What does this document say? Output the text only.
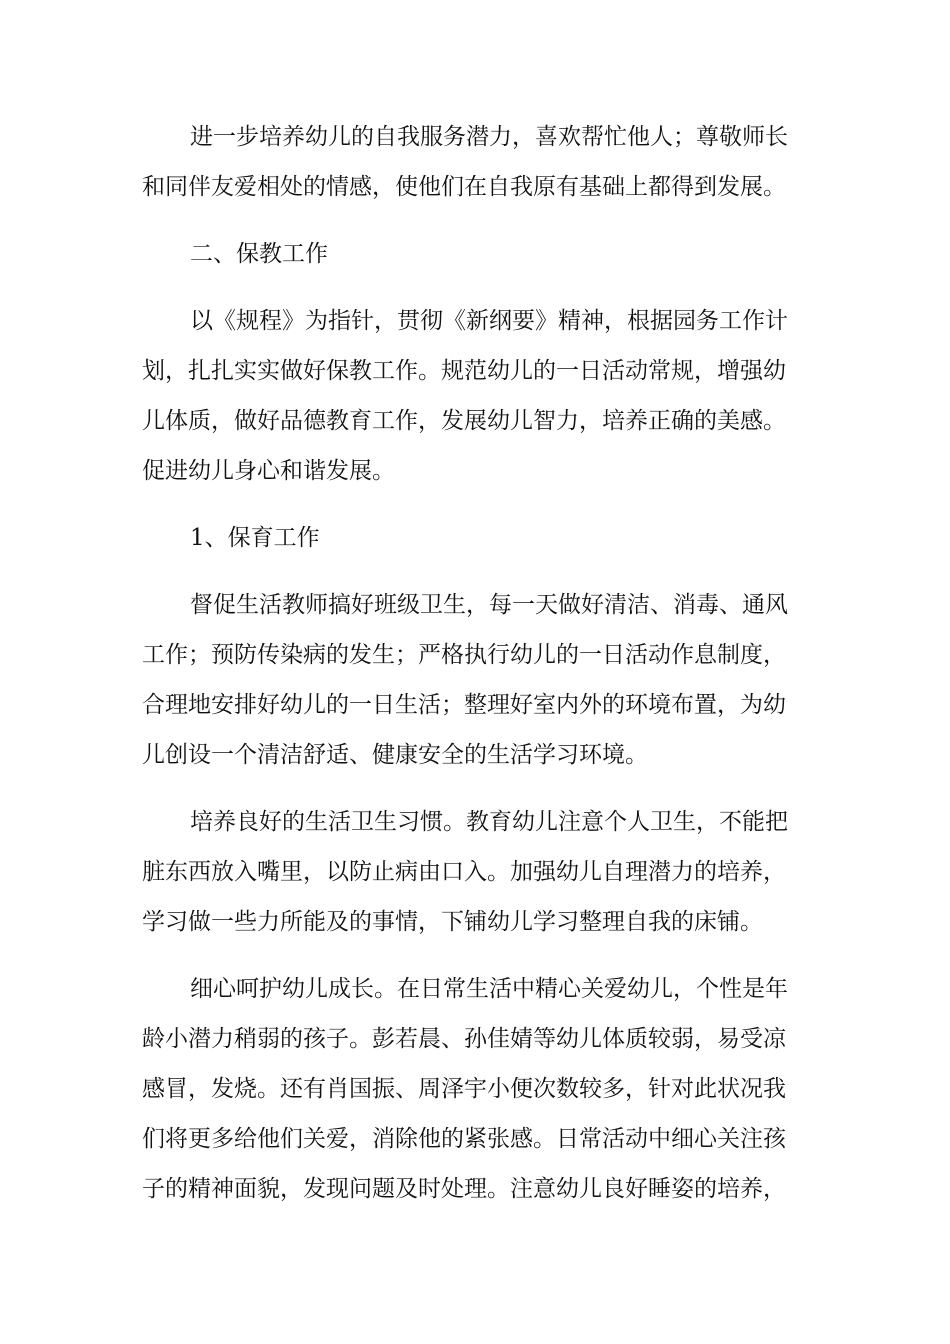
进一步培养幼儿的自我服务潜力，喜欢帮忙他人；尊敬师长
和同伴友爱相处的情感，使他们在自我原有基础上都得到发展。
二、保教工作
以《规程》为指针，贯彻《新纲要》精神，根据园务工作计
划，扎扎实实做好保教工作。规范幼儿的一日活动常规，增强幼
儿体质，做好品德教育工作，发展幼儿智力，培养正确的美感。
促进幼儿身心和谐发展。
1、保育工作
督促生活教师搞好班级卫生，每一天做好清洁、消毒、通风
工作；预防传染病的发生；严格执行幼儿的一日活动作息制度，
合理地安排好幼儿的一日生活；整理好室内外的环境布置，为幼
儿创设一个清洁舒适、健康安全的生活学习环境。
培养良好的生活卫生习惯。教育幼儿注意个人卫生，不能把
脏东西放入嘴里，以防止病由口入。加强幼儿自理潜力的培养，
学习做一些力所能及的事情，下铺幼儿学习整理自我的床铺。
细心呵护幼儿成长。在日常生活中精心关爱幼儿，个性是年
龄小潜力稍弱的孩子。彭若晨、孙佳婧等幼儿体质较弱，易受凉
感冒，发烧。还有肖国振、周泽宇小便次数较多，针对此状况我
们将更多给他们关爱，消除他的紧张感。日常活动中细心关注孩
子的精神面貌，发现问题及时处理。注意幼儿良好睡姿的培养，
